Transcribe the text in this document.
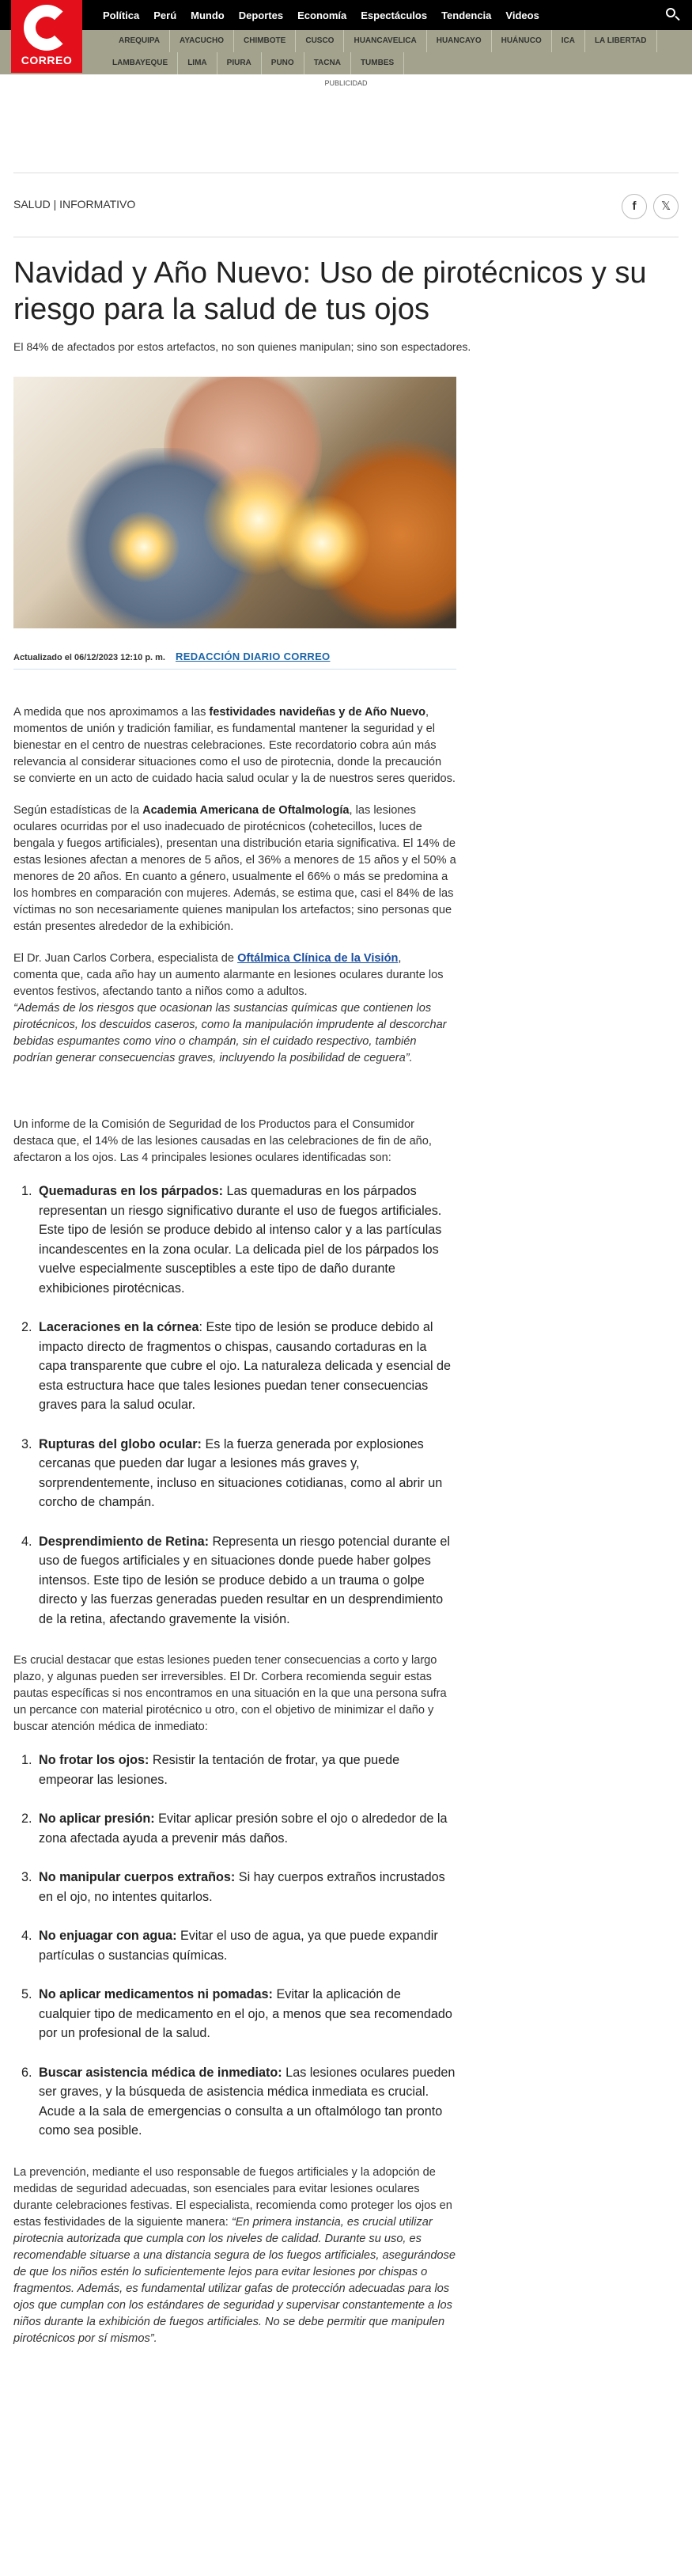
CORREO
Política Perú Mundo Deportes Economía Espectáculos Tendencia Videos
AREQUIPA	AYACUCHO	CHIMBOTE	CUSCO	HUANCAVELICA	HUANCAYO	HUÁNUCO	ICA	LA LIBERTAD
LAMBAYEQUE	LIMA	PIURA	PUNO	TACNA	TUMBES
PUBLICIDAD
SALUD | INFORMATIVO	f	𝕏
Navidad y Año Nuevo: Uso de pirotécnicos y su riesgo para la salud de tus ojos

El 84% de afectados por estos artefactos, no son quienes manipulan; sino son espectadores.

Actualizado el 06/12/2023 12:10 p. m. REDACCIÓN DIARIO CORREO

A medida que nos aproximamos a las festividades navideñas y de Año Nuevo, momentos de unión y tradición familiar, es fundamental mantener la seguridad y el bienestar en el centro de nuestras celebraciones. Este recordatorio cobra aún más relevancia al considerar situaciones como el uso de pirotecnia, donde la precaución se convierte en un acto de cuidado hacia salud ocular y la de nuestros seres queridos.

Según estadísticas de la Academia Americana de Oftalmología, las lesiones oculares ocurridas por el uso inadecuado de pirotécnicos (cohetecillos, luces de bengala y fuegos artificiales), presentan una distribución etaria significativa. El 14% de estas lesiones afectan a menores de 5 años, el 36% a menores de 15 años y el 50% a menores de 20 años. En cuanto a género, usualmente el 66% o más se predomina a los hombres en comparación con mujeres. Además, se estima que, casi el 84% de las víctimas no son necesariamente quienes manipulan los artefactos; sino personas que están presentes alrededor de la exhibición.

El Dr. Juan Carlos Corbera, especialista de Oftálmica Clínica de la Visión,

comenta que, cada año hay un aumento alarmante en lesiones oculares durante los eventos festivos, afectando tanto a niños como a adultos.

“Además de los riesgos que ocasionan las sustancias químicas que contienen los pirotécnicos, los descuidos caseros, como la manipulación imprudente al descorchar bebidas espumantes como vino o champán, sin el cuidado respectivo, también podrían generar consecuencias graves, incluyendo la posibilidad de ceguera”.

Un informe de la Comisión de Seguridad de los Productos para el Consumidor destaca que, el 14% de las lesiones causadas en las celebraciones de fin de año, afectaron a los ojos. Las 4 principales lesiones oculares identificadas son:

1. Quemaduras en los párpados: Las quemaduras en los párpados representan un riesgo significativo durante el uso de fuegos artificiales. Este tipo de lesión se produce debido al intenso calor y a las partículas incandescentes en la zona ocular. La delicada piel de los párpados los vuelve especialmente susceptibles a este tipo de daño durante exhibiciones pirotécnicas.
2. Laceraciones en la córnea: Este tipo de lesión se produce debido al impacto directo de fragmentos o chispas, causando cortaduras en la capa transparente que cubre el ojo. La naturaleza delicada y esencial de esta estructura hace que tales lesiones puedan tener consecuencias graves para la salud ocular.
3. Rupturas del globo ocular: Es la fuerza generada por explosiones cercanas que pueden dar lugar a lesiones más graves y, sorprendentemente, incluso en situaciones cotidianas, como al abrir un corcho de champán.
4. Desprendimiento de Retina: Representa un riesgo potencial durante el uso de fuegos artificiales y en situaciones donde puede haber golpes intensos. Este tipo de lesión se produce debido a un trauma o golpe directo y las fuerzas generadas pueden resultar en un desprendimiento de la retina, afectando gravemente la visión.

Es crucial destacar que estas lesiones pueden tener consecuencias a corto y largo plazo, y algunas pueden ser irreversibles. El Dr. Corbera recomienda seguir estas pautas específicas si nos encontramos en una situación en la que una persona sufra un percance con material pirotécnico u otro, con el objetivo de minimizar el daño y buscar atención médica de inmediato:

1. No frotar los ojos: Resistir la tentación de frotar, ya que puede empeorar las lesiones.
2. No aplicar presión: Evitar aplicar presión sobre el ojo o alrededor de la zona afectada ayuda a prevenir más daños.
3. No manipular cuerpos extraños: Si hay cuerpos extraños incrustados en el ojo, no intentes quitarlos.
4. No enjuagar con agua: Evitar el uso de agua, ya que puede expandir partículas o sustancias químicas.
5. No aplicar medicamentos ni pomadas: Evitar la aplicación de cualquier tipo de medicamento en el ojo, a menos que sea recomendado por un profesional de la salud.
6. Buscar asistencia médica de inmediato: Las lesiones oculares pueden ser graves, y la búsqueda de asistencia médica inmediata es crucial. Acude a la sala de emergencias o consulta a un oftalmólogo tan pronto como sea posible.

La prevención, mediante el uso responsable de fuegos artificiales y la adopción de medidas de seguridad adecuadas, son esenciales para evitar lesiones oculares durante celebraciones festivas. El especialista, recomienda como proteger los ojos en estas festividades de la siguiente manera: “En primera instancia, es crucial utilizar pirotecnia autorizada que cumpla con los niveles de calidad. Durante su uso, es recomendable situarse a una distancia segura de los fuegos artificiales, asegurándose de que los niños estén lo suficientemente lejos para evitar lesiones por chispas o fragmentos. Además, es fundamental utilizar gafas de protección adecuadas para los ojos que cumplan con los estándares de seguridad y supervisar constantemente a los niños durante la exhibición de fuegos artificiales. No se debe permitir que manipulen pirotécnicos por sí mismos”.
